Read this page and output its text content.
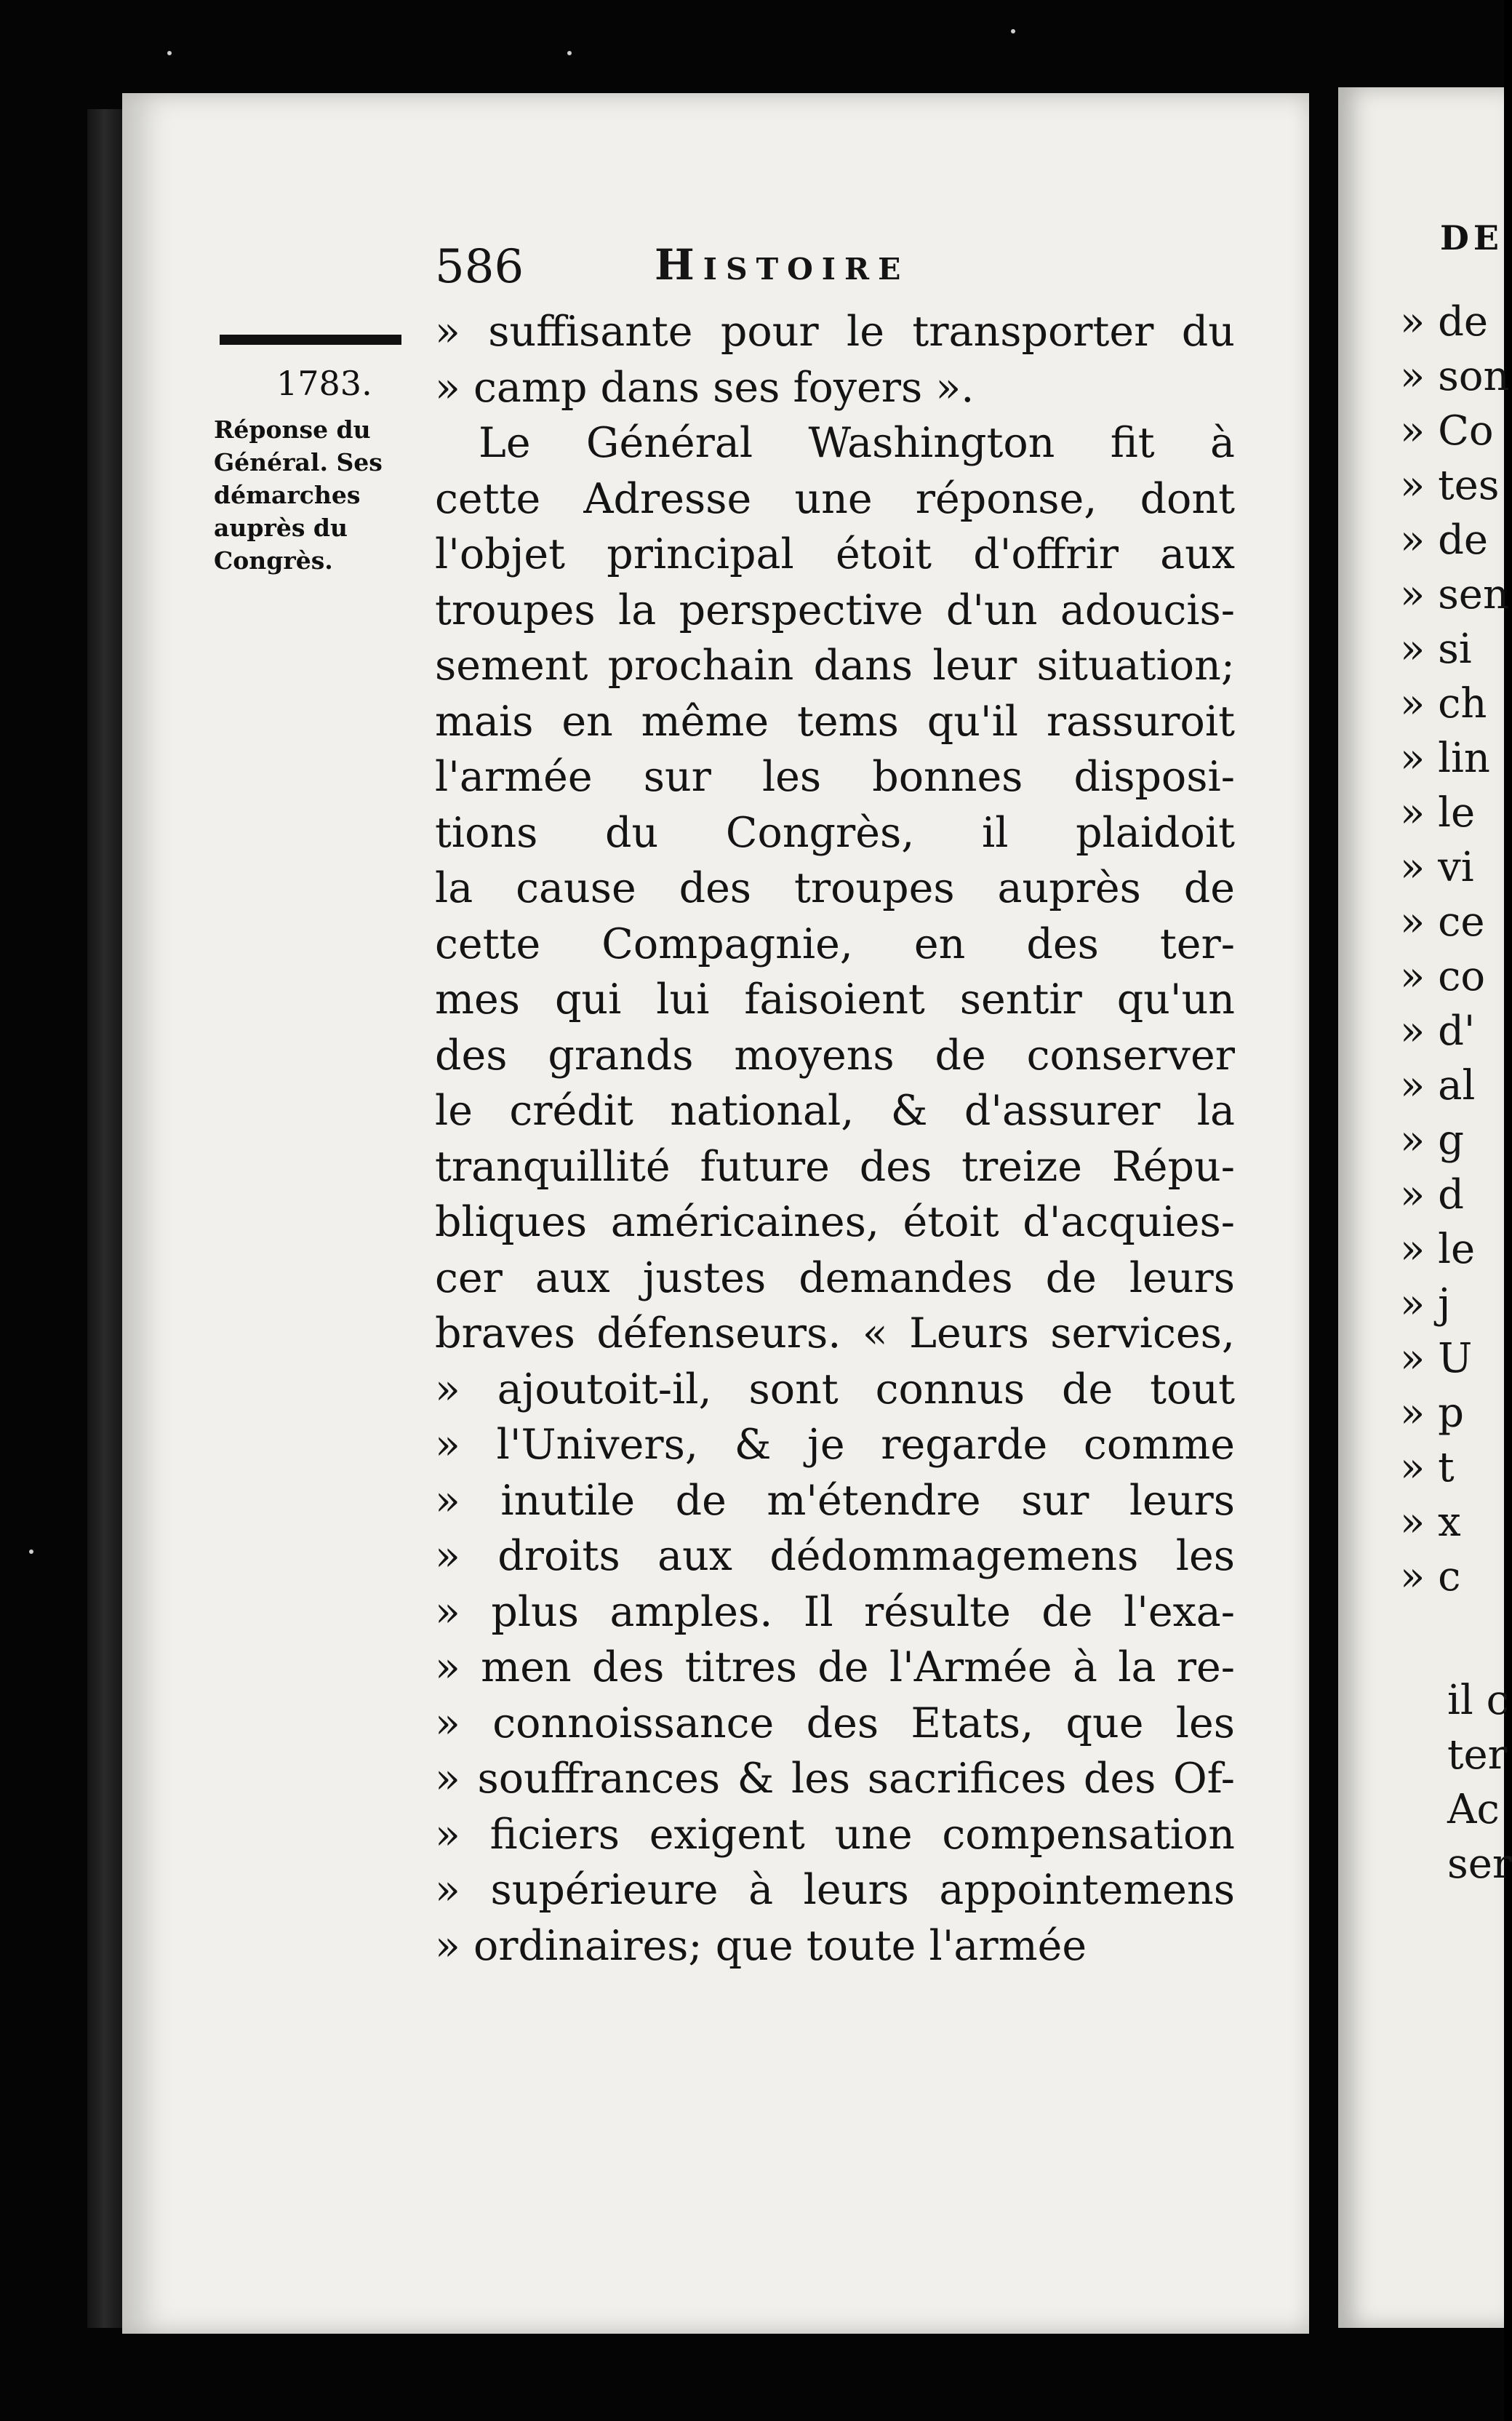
586	Histoire
1783.
Réponse du
Général. Ses
démarches
auprès du
Congrès.
» suffisante pour le transporter du
» camp dans ses foyers ».
Le Général Washington fit à
cette Adresse une réponse, dont
l'objet principal étoit d'offrir aux
troupes la perspective d'un adoucis-
sement prochain dans leur situation;
mais en même tems qu'il rassuroit
l'armée sur les bonnes disposi-
tions du Congrès, il plaidoit
la cause des troupes auprès de
cette Compagnie, en des ter-
mes qui lui faisoient sentir qu'un
des grands moyens de conserver
le crédit national, & d'assurer la
tranquillité future des treize Répu-
bliques américaines, étoit d'acquies-
cer aux justes demandes de leurs
braves défenseurs. « Leurs services,
» ajoutoit-il, sont connus de tout
» l'Univers, & je regarde comme
» inutile de m'étendre sur leurs
» droits aux dédommagemens les
» plus amples. Il résulte de l'exa-
» men des titres de l'Armée à la re-
» connoissance des Etats, que les
» souffrances & les sacrifices des Of-
» ficiers exigent une compensation
» supérieure à leurs appointemens
» ordinaires; que toute l'armée
DE
» de
» son
» Co
» tes
» de
» sen
» si
» ch
» lin
» le
» vi
» ce
» co
» d'
» al
» g
» d
» le
» j
» U
» p
» t
» x
» c
il c
ter
Ac
ser
